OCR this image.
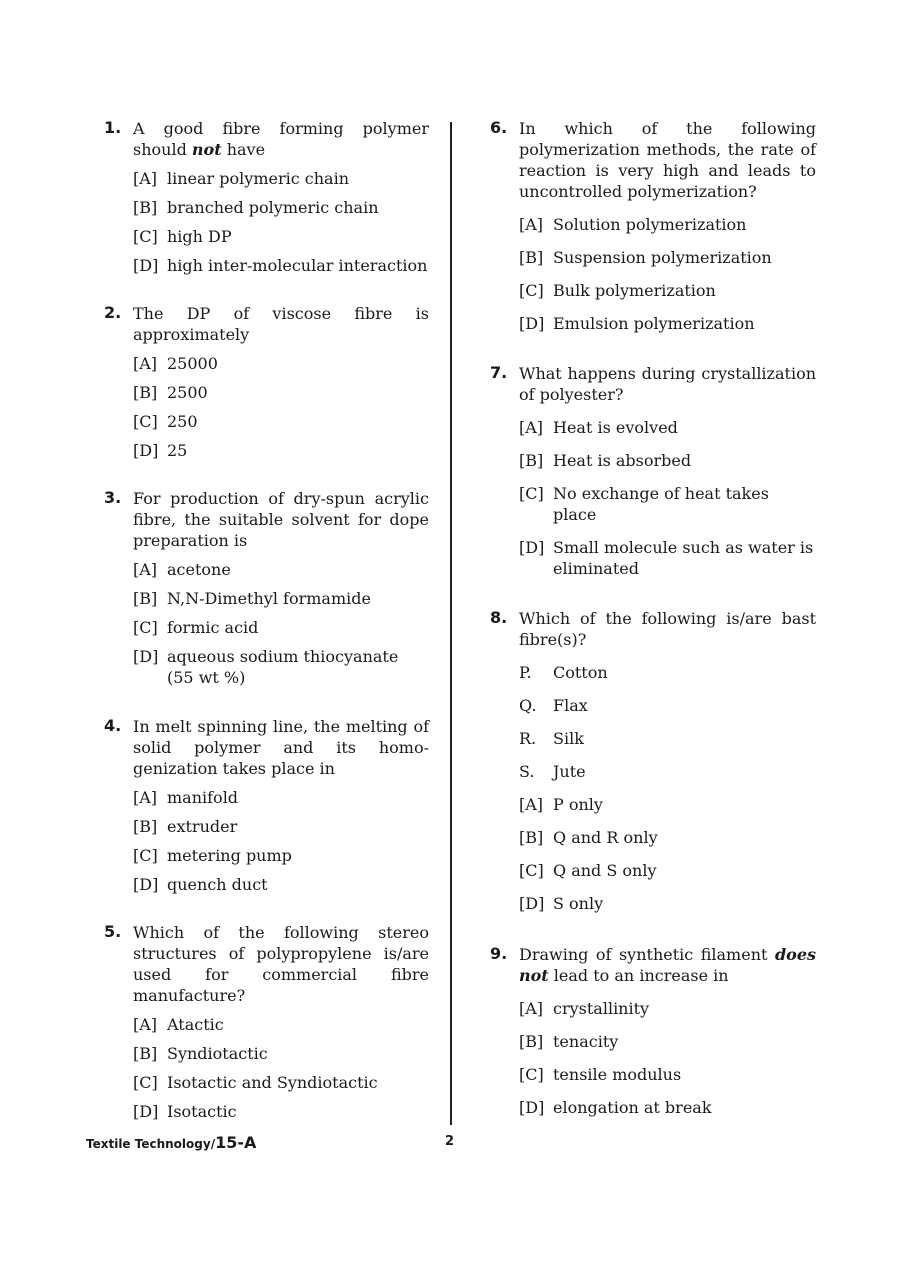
1. A good fibre forming polymer should not have
[A] linear polymeric chain
[B] branched polymeric chain
[C] high DP
[D] high inter-molecular interaction
2. The DP of viscose fibre is approximately
[A] 25000
[B] 2500
[C] 250
[D] 25
3. For production of dry-spun acrylic fibre, the suitable solvent for dope preparation is
[A] acetone
[B] N,N-Dimethyl formamide
[C] formic acid
[D] aqueous sodium thiocyanate (55 wt %)
4. In melt spinning line, the melting of solid polymer and its homo-genization takes place in
[A] manifold
[B] extruder
[C] metering pump
[D] quench duct
5. Which of the following stereo structures of polypropylene is/are used for commercial fibre manufacture?
[A] Atactic
[B] Syndiotactic
[C] Isotactic and Syndiotactic
[D] Isotactic
6. In which of the following polymerization methods, the rate of reaction is very high and leads to uncontrolled polymerization?
[A] Solution polymerization
[B] Suspension polymerization
[C] Bulk polymerization
[D] Emulsion polymerization
7. What happens during crystallization of polyester?
[A] Heat is evolved
[B] Heat is absorbed
[C] No exchange of heat takes place
[D] Small molecule such as water is eliminated
8. Which of the following is/are bast fibre(s)?
P.	Cotton
Q.	Flax
R.	Silk
S.	Jute
[A] P only
[B] Q and R only
[C] Q and S only
[D] S only
9. Drawing of synthetic filament does not lead to an increase in
[A] crystallinity
[B] tenacity
[C] tensile modulus
[D] elongation at break
Textile Technology/15-A	2
